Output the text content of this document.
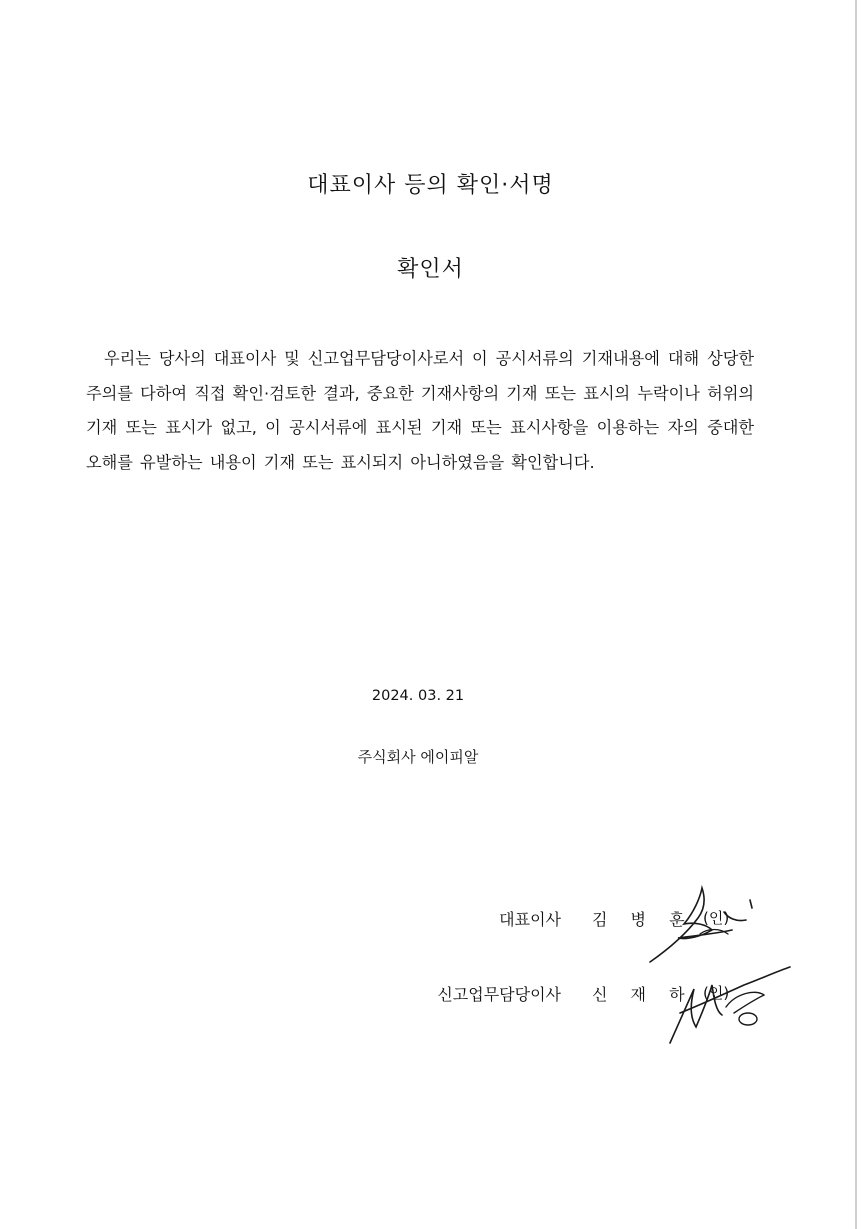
대표이사 등의 확인·서명
확인서

우리는 당사의 대표이사 및 신고업무담당이사로서 이 공시서류의 기재내용에 대해 상당한 주의를 다하여 직접 확인·검토한 결과, 중요한 기재사항의 기재 또는 표시의 누락이나 허위의 기재 또는 표시가 없고, 이 공시서류에 표시된 기재 또는 표시사항을 이용하는 자의 중대한 오해를 유발하는 내용이 기재 또는 표시되지 아니하였음을 확인합니다.

2024. 03. 21

주식회사 에이피알

대표이사 김 병 훈 (인)
신고업무담당이사 신 재 하 (인)
